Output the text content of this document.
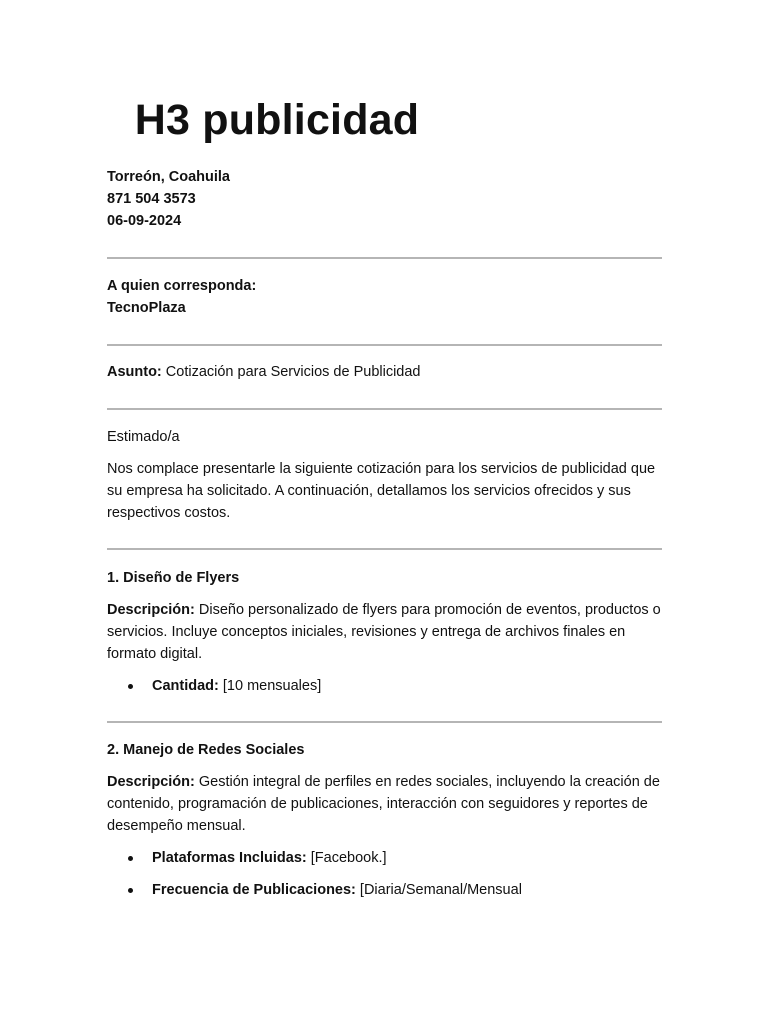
H3 publicidad

Torreón, Coahuila

871 504 3573

06-09-2024

A quien corresponda:

TecnoPlaza

Asunto: Cotización para Servicios de Publicidad

Estimado/a

Nos complace presentarle la siguiente cotización para los servicios de publicidad que su empresa ha solicitado. A continuación, detallamos los servicios ofrecidos y sus respectivos costos.

1. Diseño de Flyers

Descripción: Diseño personalizado de flyers para promoción de eventos, productos o servicios. Incluye conceptos iniciales, revisiones y entrega de archivos finales en formato digital.

Cantidad: [10 mensuales]

2. Manejo de Redes Sociales

Descripción: Gestión integral de perfiles en redes sociales, incluyendo la creación de contenido, programación de publicaciones, interacción con seguidores y reportes de desempeño mensual.

Plataformas Incluidas: [Facebook.]
Frecuencia de Publicaciones: [Diaria/Semanal/Mensual
